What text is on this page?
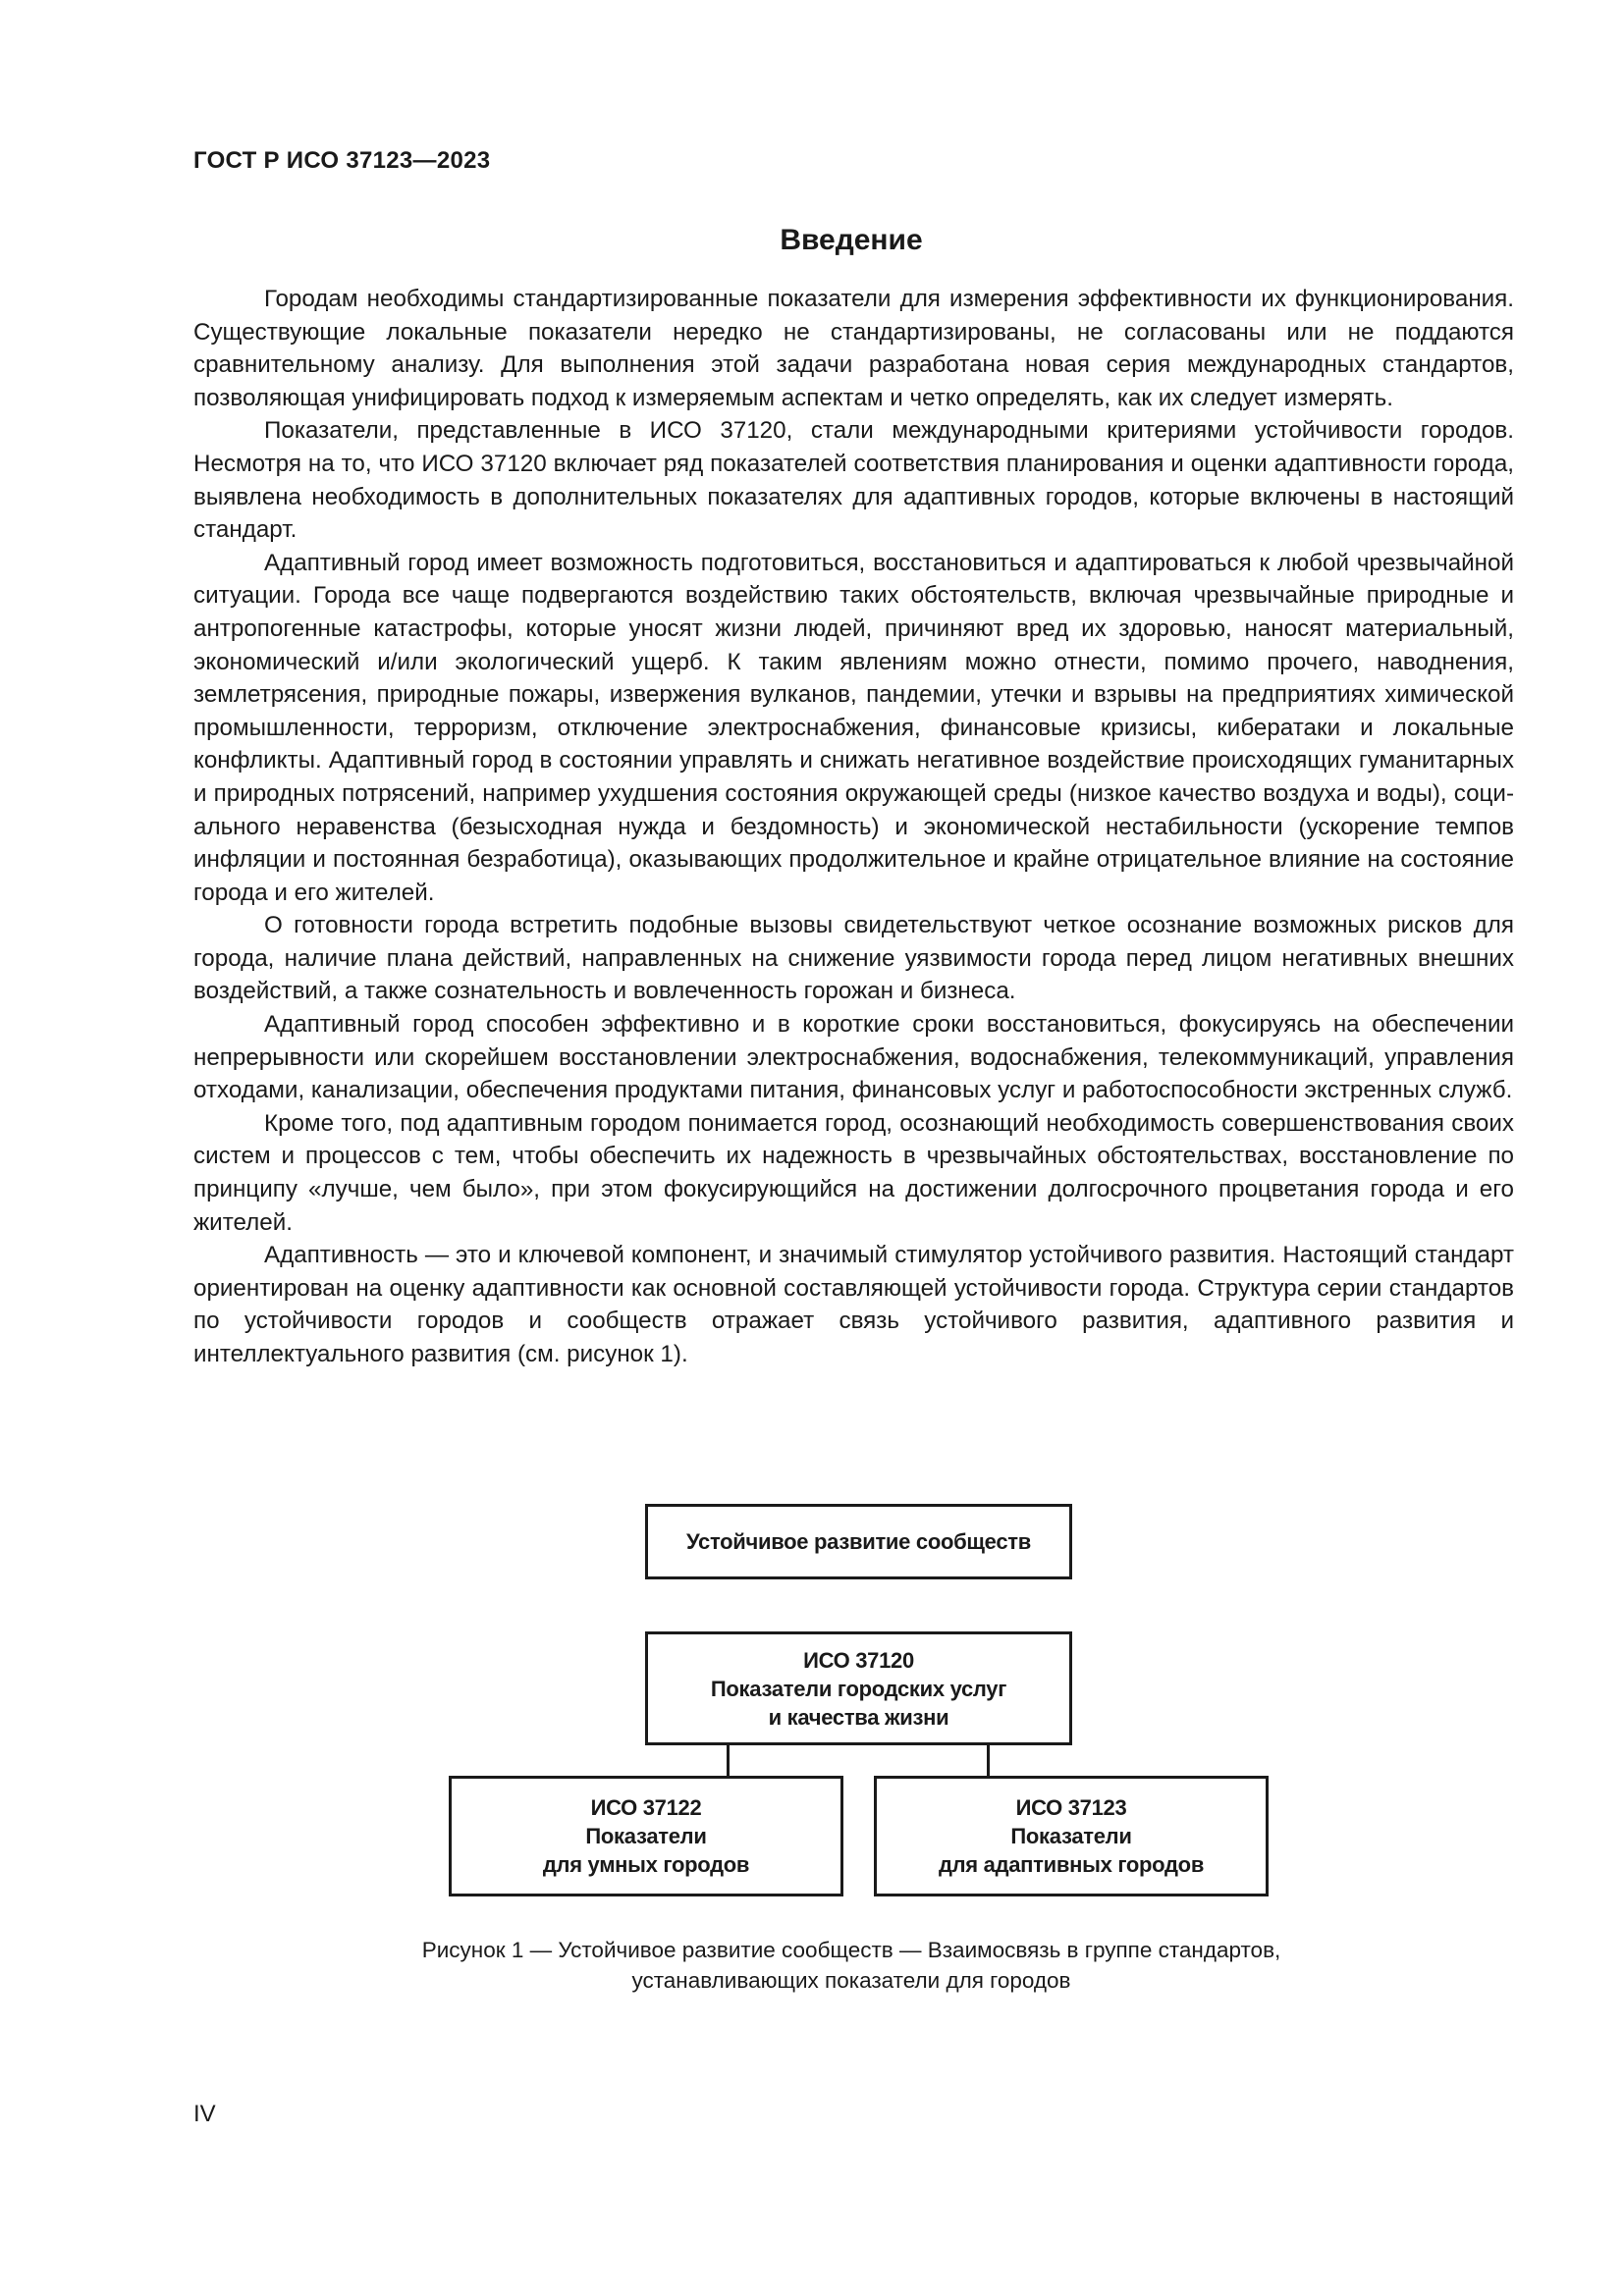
ГОСТ Р ИСО 37123—2023
Введение

Городам необходимы стандартизированные показатели для измерения эффективности их функционирования. Существующие локальные показатели нередко не стандартизированы, не согласованы или не поддаются сравнительному анализу. Для выполнения этой задачи разработана новая серия международных стандартов, позволяющая унифицировать подход к измеряемым аспектам и четко определять, как их следует измерять.

Показатели, представленные в ИСО 37120, стали международными критериями устойчивости городов. Несмотря на то, что ИСО 37120 включает ряд показателей соответствия планирования и оценки адаптивности города, выявлена необходимость в дополнительных показателях для адаптивных городов, которые включены в настоящий стандарт.

Адаптивный город имеет возможность подготовиться, восстановиться и адаптироваться к любой чрезвычайной ситуации. Города все чаще подвергаются воздействию таких обстоятельств, включая чрезвычайные природные и антропогенные катастрофы, которые уносят жизни людей, причиняют вред их здоровью, наносят материальный, экономический и/или экологический ущерб. К таким явлениям можно отнести, помимо прочего, наводнения, землетрясения, природные пожары, извержения вулканов, пандемии, утечки и взрывы на предприятиях химической промышленности, терроризм, отключение электроснабжения, финансовые кризисы, кибератаки и локальные конфликты. Адаптивный город в состоянии управлять и снижать негативное воздействие происходящих гуманитарных и природных потрясений, например ухудшения состояния окружающей среды (низкое качество воздуха и воды), социального неравенства (безысходная нужда и бездомность) и экономической нестабильности (ускорение темпов инфляции и постоянная безработица), оказывающих продолжительное и крайне отрицательное влияние на состояние города и его жителей.

О готовности города встретить подобные вызовы свидетельствуют четкое осознание возможных рисков для города, наличие плана действий, направленных на снижение уязвимости города перед лицом негативных внешних воздействий, а также сознательность и вовлеченность горожан и бизнеса.

Адаптивный город способен эффективно и в короткие сроки восстановиться, фокусируясь на обеспечении непрерывности или скорейшем восстановлении электроснабжения, водоснабжения, телекоммуникаций, управления отходами, канализации, обеспечения продуктами питания, финансовых услуг и работоспособности экстренных служб.

Кроме того, под адаптивным городом понимается город, осознающий необходимость совершенствования своих систем и процессов с тем, чтобы обеспечить их надежность в чрезвычайных обстоятельствах, восстановление по принципу «лучше, чем было», при этом фокусирующийся на достижении долгосрочного процветания города и его жителей.

Адаптивность — это и ключевой компонент, и значимый стимулятор устойчивого развития. Настоящий стандарт ориентирован на оценку адаптивности как основной составляющей устойчивости города. Структура серии стандартов по устойчивости городов и сообществ отражает связь устойчивого развития, адаптивного развития и интеллектуального развития (см. рисунок 1).

Устойчивое развитие сообществ
ИСО 37120
Показатели городских услуг
и качества жизни
ИСО 37122
Показатели
для умных городов
ИСО 37123
Показатели
для адаптивных городов
Рисунок 1 — Устойчивое развитие сообществ — Взаимосвязь в группе стандартов,
устанавливающих показатели для городов
IV
